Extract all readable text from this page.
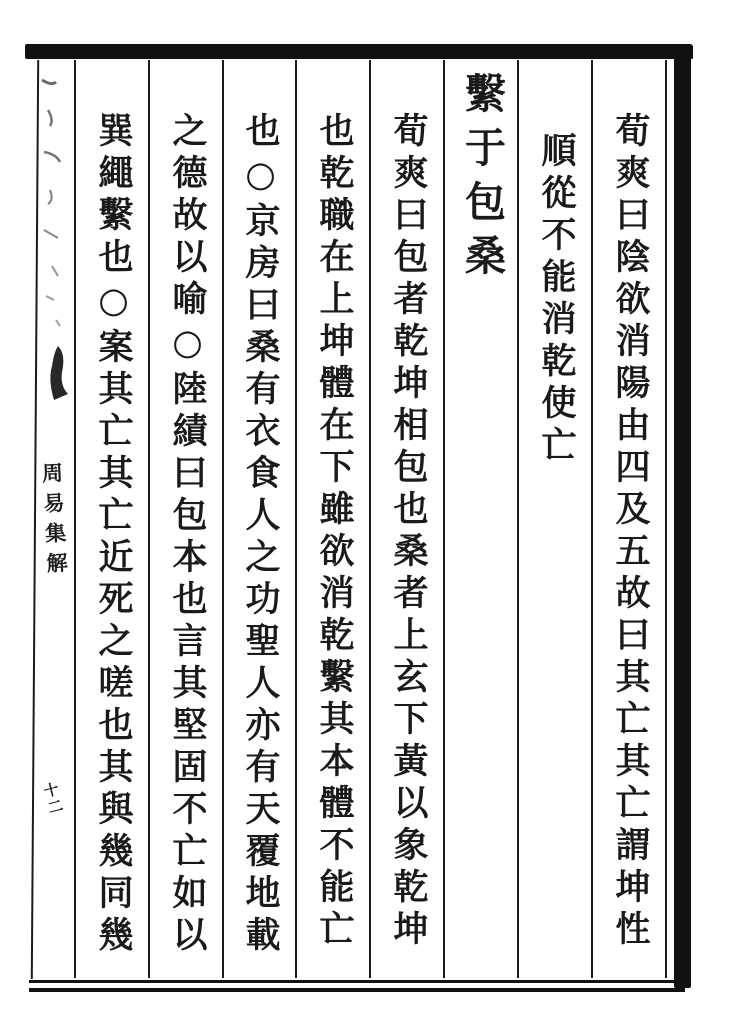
周易集解
十二	荀爽曰陰欲消陽由四及五故曰其亡其亡謂坤性
順從不能消乾使亡
繫于包桑
荀爽曰包者乾坤相包也桑者上玄下黃以象乾坤
也乾職在上坤體在下雖欲消乾繫其本體不能亡
也○京房曰桑有衣食人之功聖人亦有天覆地載
之德故以喻○陸績曰包本也言其堅固不亡如以
巽繩繫也○案其亡其亡近死之嗟也其與幾同幾
